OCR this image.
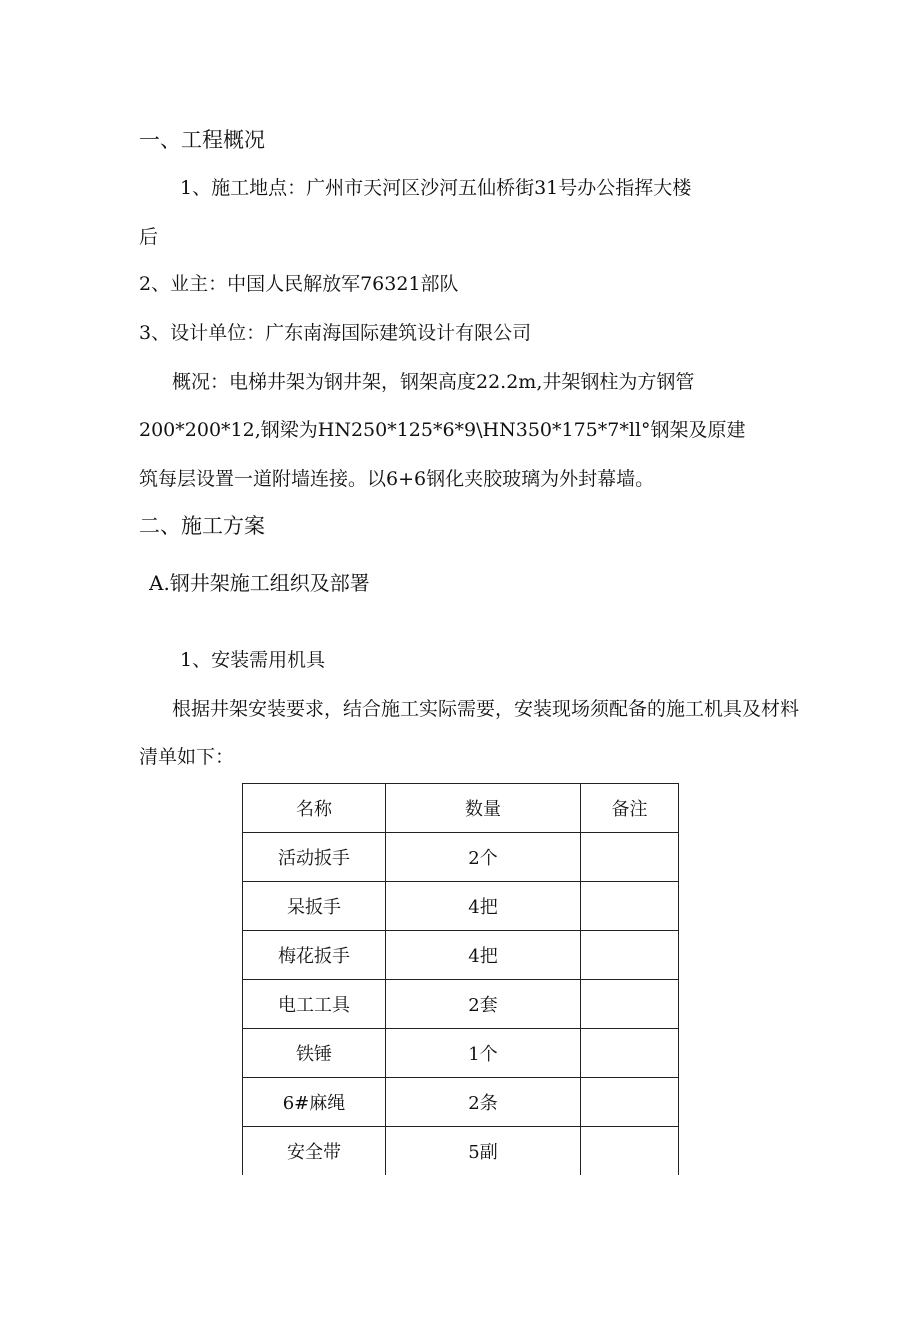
一、工程概况
1、施工地点：广州市天河区沙河五仙桥街31号办公指挥大楼
后
2、业主：中国人民解放军76321部队
3、设计单位：广东南海国际建筑设计有限公司
概况：电梯井架为钢井架，钢架高度22.2m,井架钢柱为方钢管
200*200*12,钢梁为HN250*125*6*9\HN350*175*7*ll°钢架及原建
筑每层设置一道附墙连接。以6+6钢化夹胶玻璃为外封幕墙。
二、施工方案
A.钢井架施工组织及部署
1、安装需用机具
根据井架安装要求，结合施工实际需要，安装现场须配备的施工机具及材料
清单如下：
名称	数量	备注
活动扳手	2个	
呆扳手	4把	
梅花扳手	4把	
电工工具	2套	
铁锤	1个	
6#麻绳	2条	
安全带	5副	
